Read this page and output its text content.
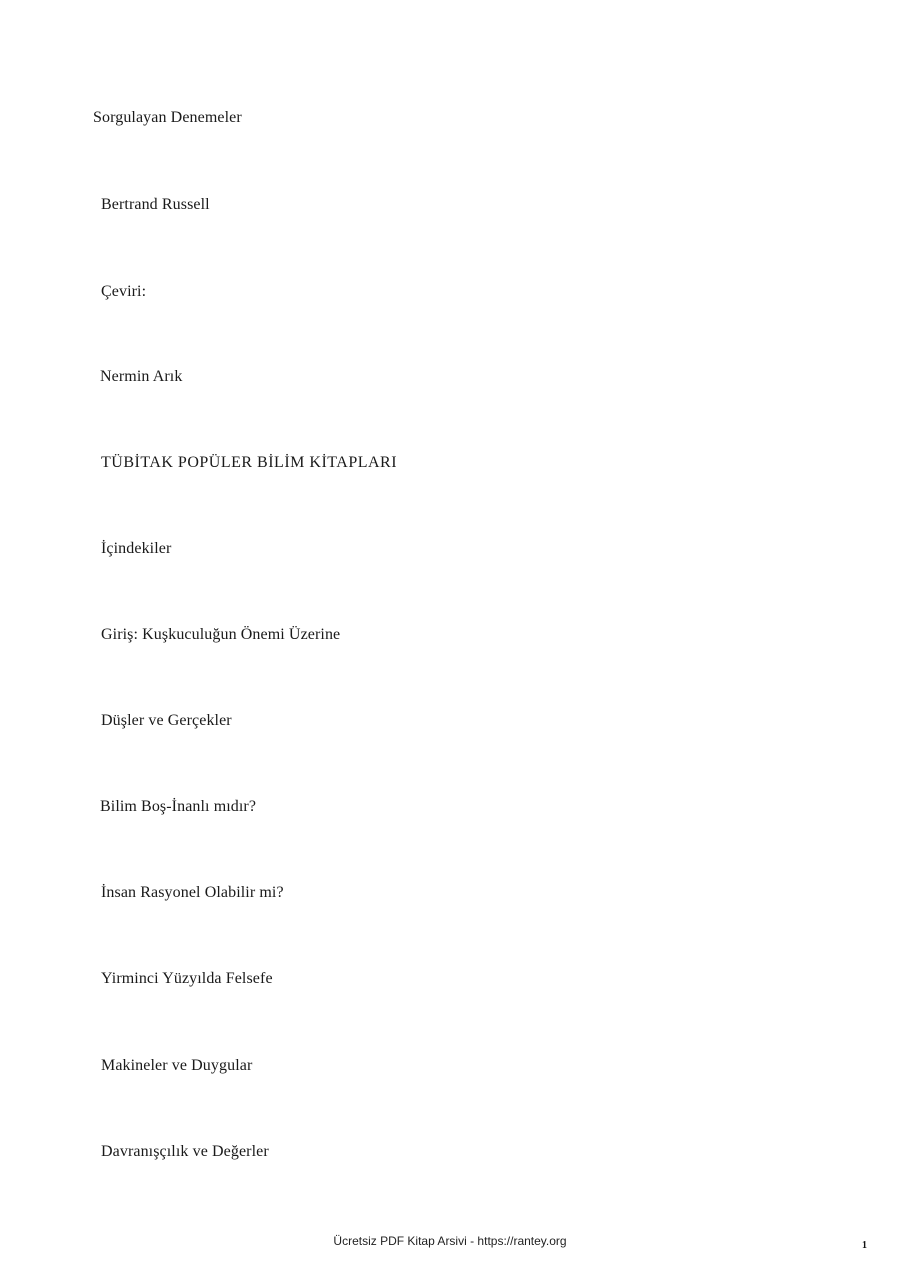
Sorgulayan Denemeler
Bertrand Russell
Çeviri:
Nermin Arık
TÜBİTAK POPÜLER BİLİM KİTAPLARI
İçindekiler
Giriş: Kuşkuculuğun Önemi Üzerine
Düşler ve Gerçekler
Bilim Boş-İnanlı mıdır?
İnsan Rasyonel Olabilir mi?
Yirminci Yüzyılda Felsefe
Makineler ve Duygular
Davranışçılık ve Değerler
Ücretsiz PDF Kitap Arsivi - https://rantey.org	1
